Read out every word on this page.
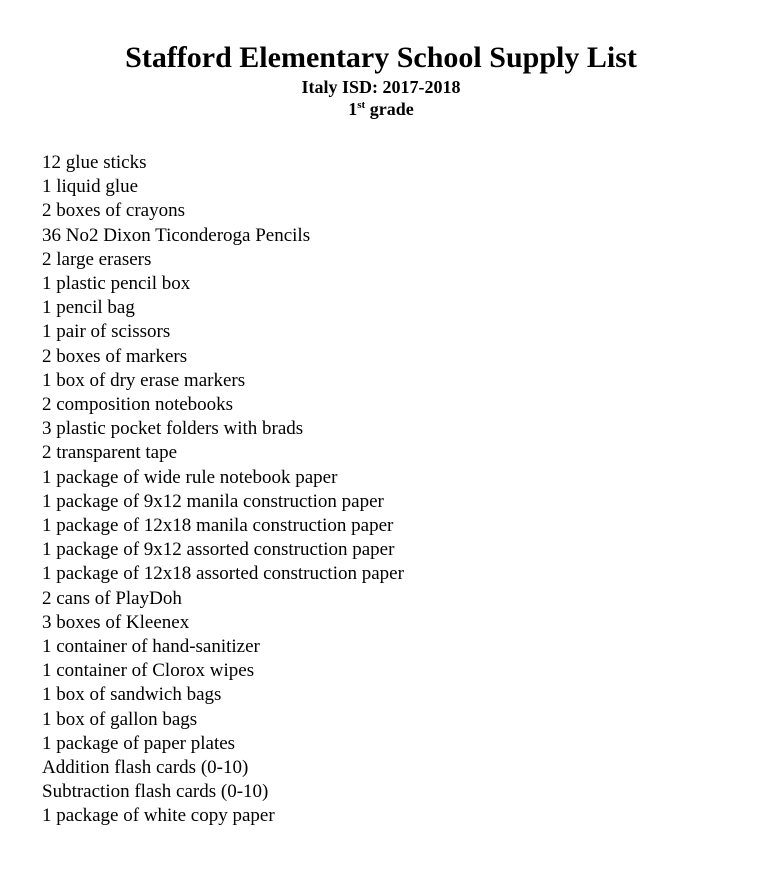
Stafford Elementary School Supply List
Italy ISD: 2017-2018
1st grade
12 glue sticks
1 liquid glue
2 boxes of crayons
36 No2 Dixon Ticonderoga Pencils
2 large erasers
1 plastic pencil box
1 pencil bag
1 pair of scissors
2 boxes of markers
1 box of dry erase markers
2 composition notebooks
3 plastic pocket folders with brads
2 transparent tape
1 package of wide rule notebook paper
1 package of 9x12 manila construction paper
1 package of 12x18 manila construction paper
1 package of 9x12 assorted construction paper
1 package of 12x18 assorted construction paper
2 cans of PlayDoh
3 boxes of Kleenex
1 container of hand-sanitizer
1 container of Clorox wipes
1 box of sandwich bags
1 box of gallon bags
1 package of paper plates
Addition flash cards (0-10)
Subtraction flash cards (0-10)
1 package of white copy paper
